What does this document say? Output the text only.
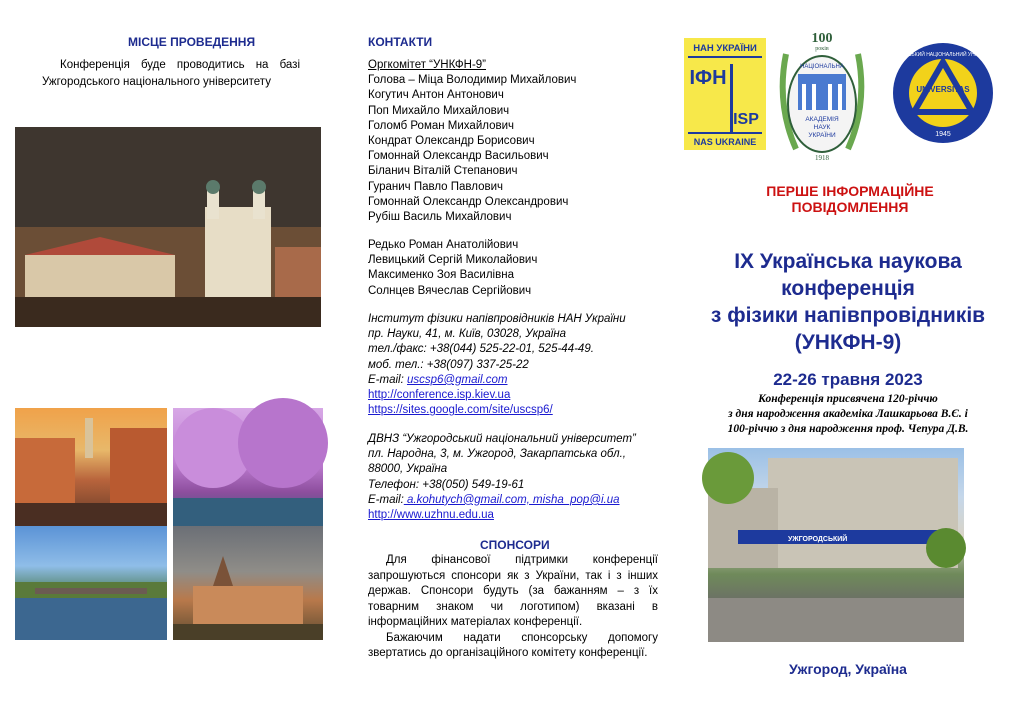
МІСЦЕ ПРОВЕДЕННЯ
Конференція буде проводитись на базі Ужгородського національного університету
КОНТАКТИ
Оргкомітет “УНКФН-9”
Голова – Міца Володимир Михайлович
Когутич Антон Антонович
Поп Михайло Михайлович
Голомб Роман Михайлович
Кондрат Олександр Борисович
Гомоннай Олександр Васильович
Біланич Віталій Степанович
Гуранич Павло Павлович
Гомоннай Олександр Олександрович
Рубіш Василь Михайлович
Редько Роман Анатолійович
Левицький Сергій Миколайович
Максименко Зоя Василівна
Солнцев Вячеслав Сергійович
Інститут фізики напівпровідників НАН України
пр. Науки, 41, м. Київ, 03028, Україна
тел./факс: +38(044) 525-22-01, 525-44-49.
моб. тел.: +38(097) 337-25-22
E-mail: uscsp6@gmail.com
http://conference.isp.kiev.ua
https://sites.google.com/site/uscsp6/
ДВНЗ “Ужгородський національний університет”
пл. Народна, 3, м. Ужгород, Закарпатська обл.,
88000, Україна
Телефон: +38(050) 549-19-61
E-mail: a.kohutych@gmail.com, misha_pop@i.ua
http://www.uzhnu.edu.ua
СПОНСОРИ

Для фінансової підтримки конференції запрошуються спонсори як з України, так і з інших держав. Спонсори будуть (за бажанням – з їх товарним знаком чи логотипом) вказані в інформаційних матеріалах конференції.

Бажаючим надати спонсорську допомогу звертатись до організаційного комітету конференції.

НАН УКРАЇНИ
ІФН
ISP
NAS UKRAINE
100
років
НАЦІОНАЛЬНА
АКАДЕМІЯ
НАУК
УКРАЇНИ
1918
УЖГОРОДСЬКИЙ НАЦІОНАЛЬНИЙ УНІВЕРСИТЕТ
UNIVERSITAS
1945
ПЕРШЕ ІНФОРМАЦІЙНЕ
ПОВІДОМЛЕННЯ
IX Українська наукова
конференція
з фізики напівпровідників
(УНКФН-9)
22-26 травня 2023
Конференція присвячена 120-річчю
з дня народження академіка Лашкарьова В.Є. і
100-річчю з дня народження проф. Чепура Д.В.
УЖГОРОДСЬКИЙ
Ужгород, Україна
